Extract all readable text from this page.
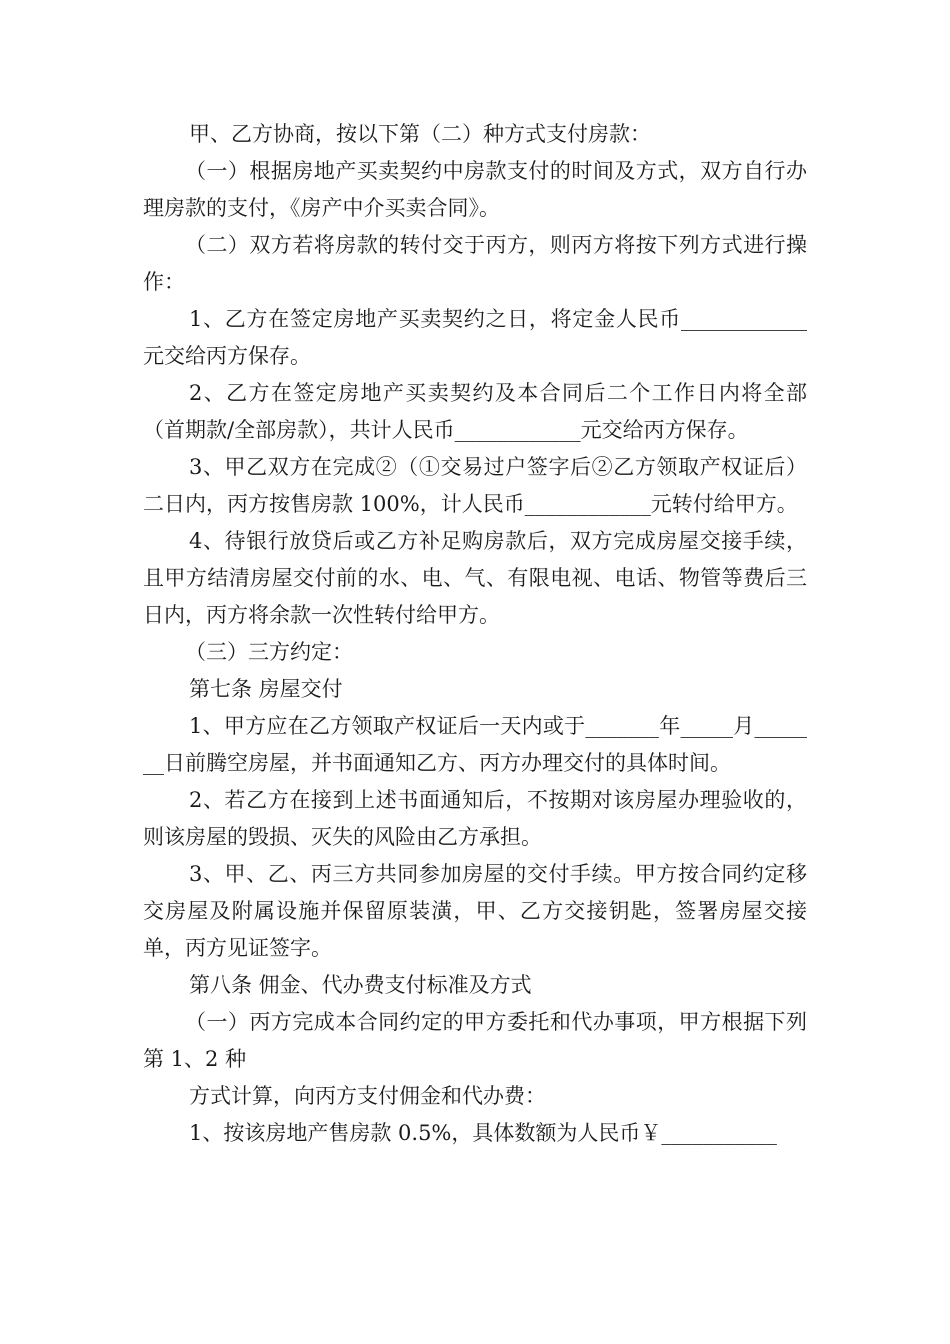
甲、乙方协商，按以下第（二）种方式支付房款：

（一）根据房地产买卖契约中房款支付的时间及方式，双方自行办理房款的支付，《房产中介买卖合同》。

（二）双方若将房款的转付交于丙方，则丙方将按下列方式进行操作：

1、乙方在签定房地产买卖契约之日，将定金人民币____________元交给丙方保存。

2、乙方在签定房地产买卖契约及本合同后二个工作日内将全部（首期款/全部房款），共计人民币____________元交给丙方保存。

3、甲乙双方在完成②（①交易过户签字后②乙方领取产权证后）二日内，丙方按售房款 100%，计人民币____________元转付给甲方。

4、待银行放贷后或乙方补足购房款后，双方完成房屋交接手续，且甲方结清房屋交付前的水、电、气、有限电视、电话、物管等费后三日内，丙方将余款一次性转付给甲方。

（三）三方约定：

第七条 房屋交付

1、甲方应在乙方领取产权证后一天内或于_______年_____月_______日前腾空房屋，并书面通知乙方、丙方办理交付的具体时间。

2、若乙方在接到上述书面通知后，不按期对该房屋办理验收的，则该房屋的毁损、灭失的风险由乙方承担。

3、甲、乙、丙三方共同参加房屋的交付手续。甲方按合同约定移交房屋及附属设施并保留原装潢，甲、乙方交接钥匙，签署房屋交接单，丙方见证签字。

第八条 佣金、代办费支付标准及方式

（一）丙方完成本合同约定的甲方委托和代办事项，甲方根据下列第 1、2 种

方式计算，向丙方支付佣金和代办费：

1、按该房地产售房款 0.5%，具体数额为人民币￥___________
